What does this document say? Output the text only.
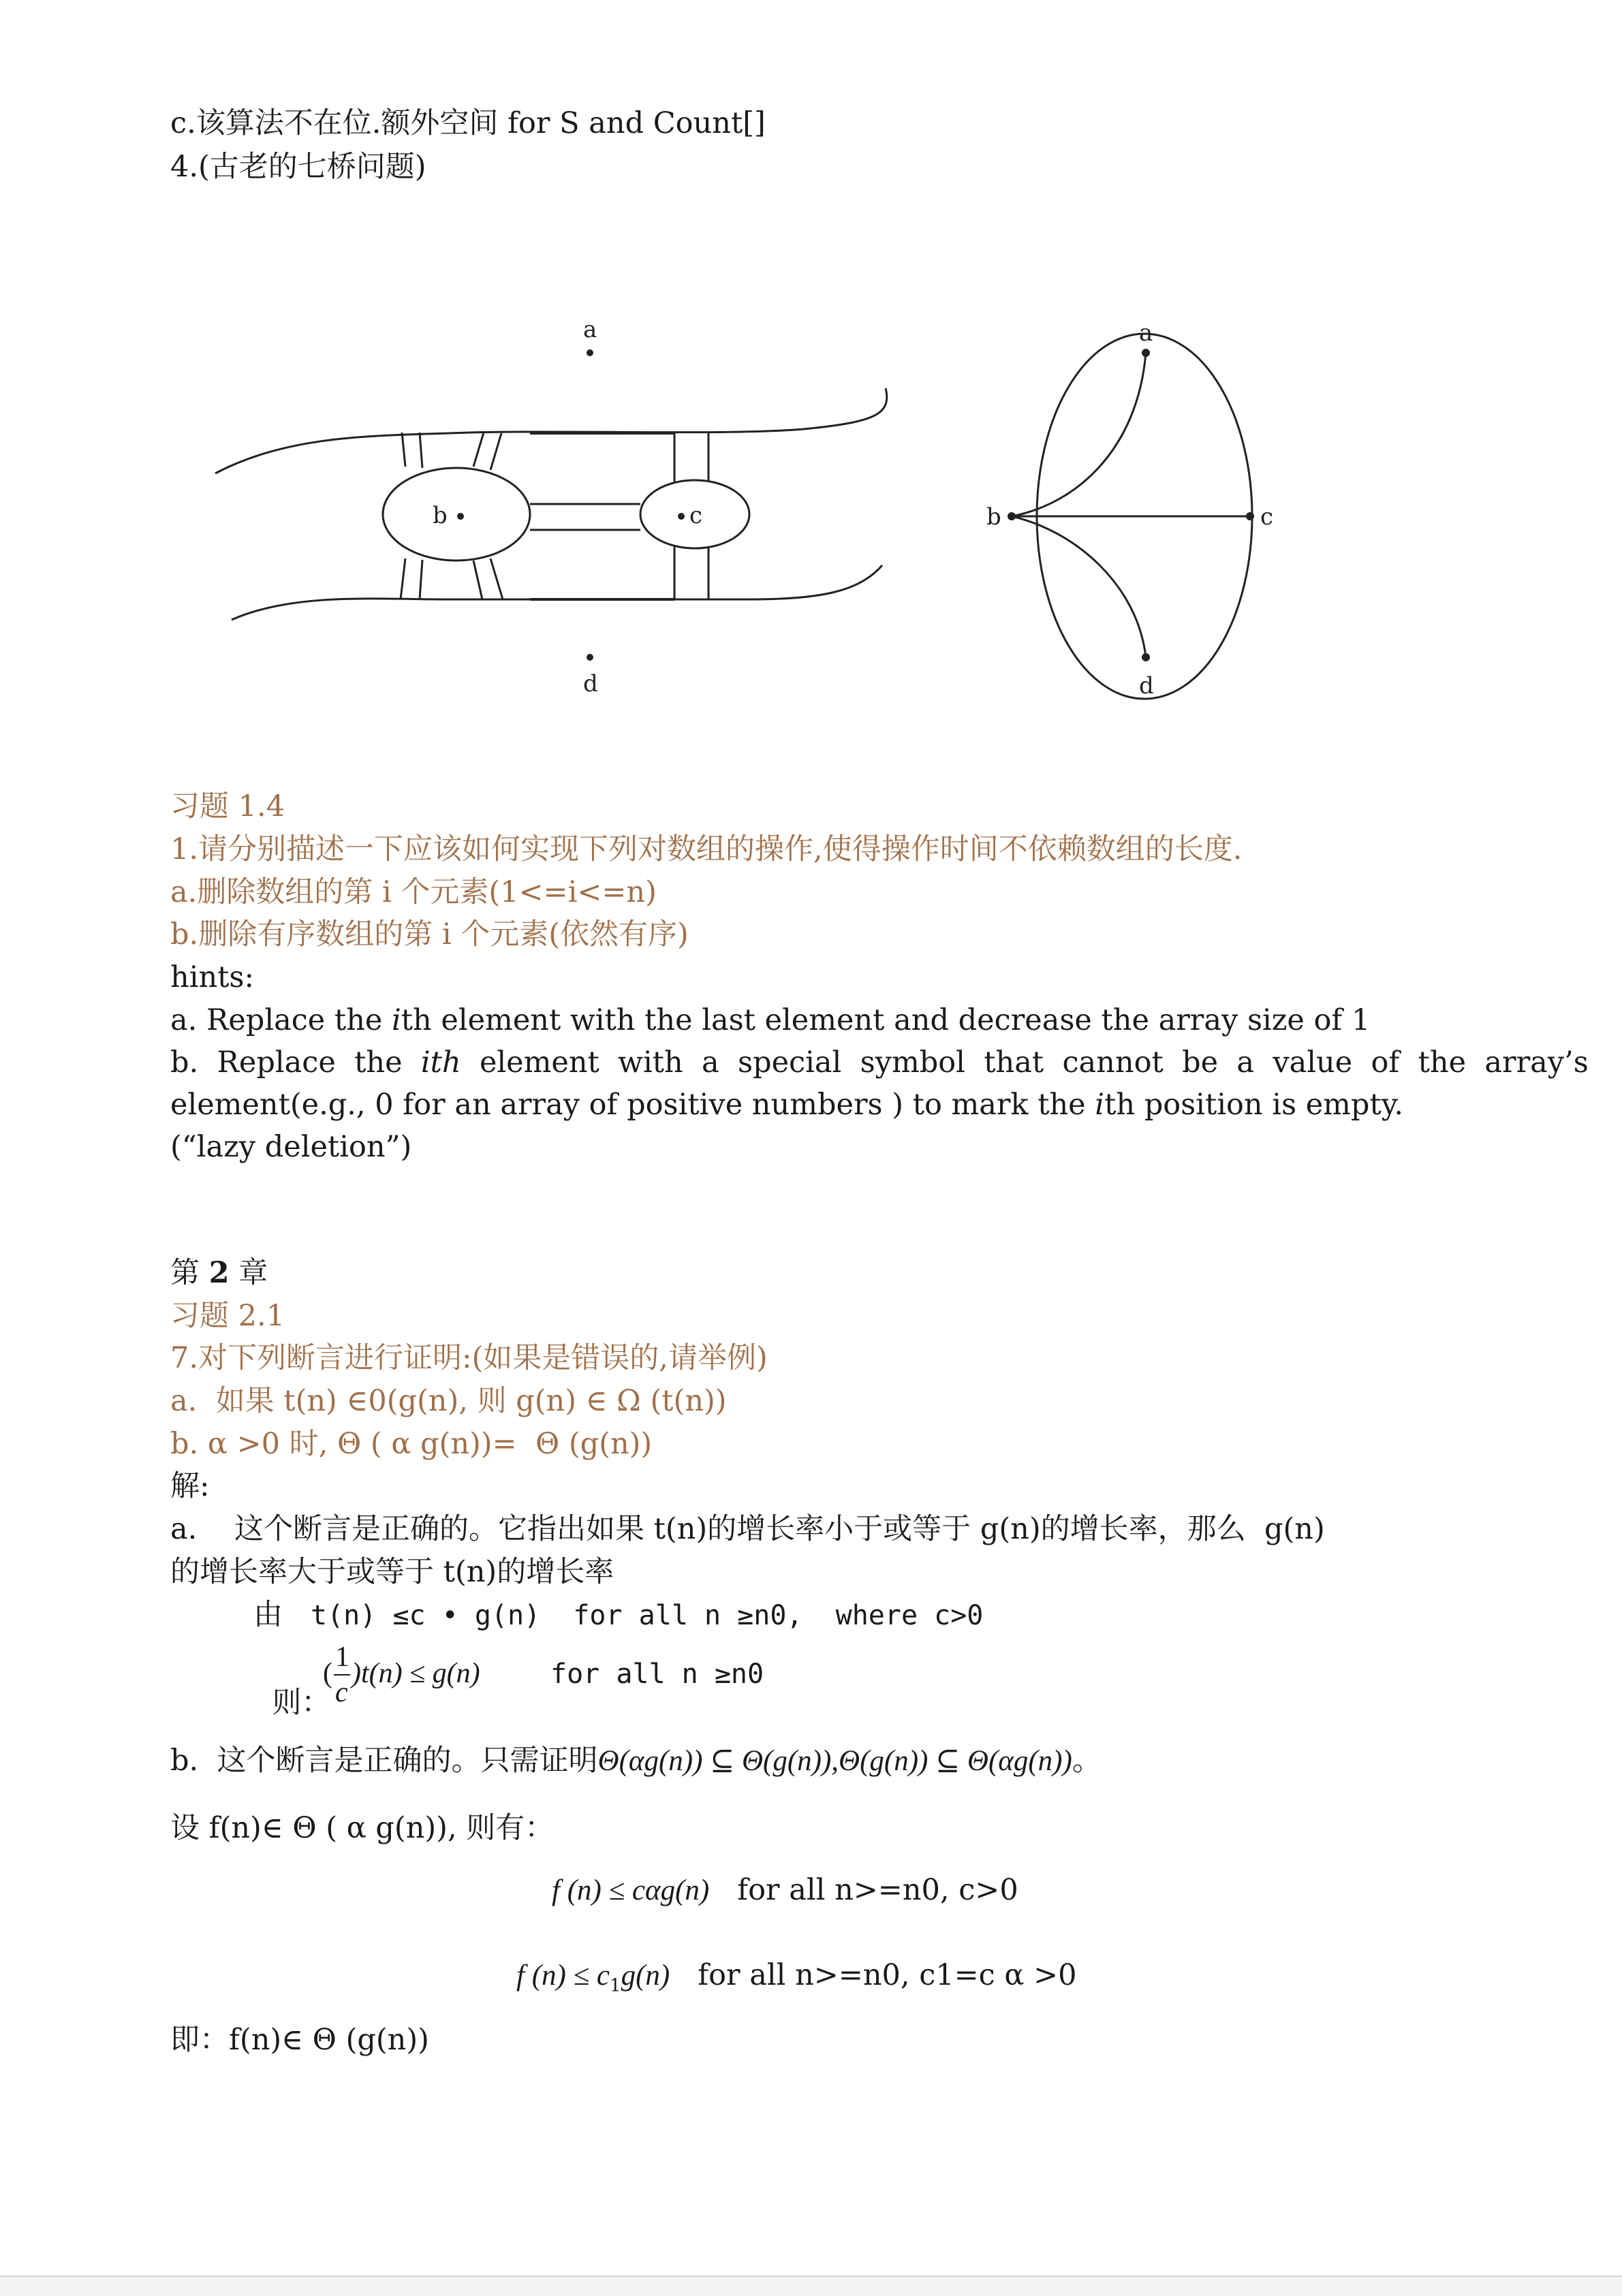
c.该算法不在位.额外空间 for S and Count[]
4.(古老的七桥问题)
a
b	c
d
a
b	c
d
习题 1.4
1.请分别描述一下应该如何实现下列对数组的操作,使得操作时间不依赖数组的长度.
a.删除数组的第 i 个元素(1<=i<=n)
b.删除有序数组的第 i 个元素(依然有序)
hints:
a. Replace the ith element with the last element and decrease the array size of 1
b.  Replace  the  ith  element  with  a  special  symbol  that  cannot  be  a  value  of  the  array’s
element(e.g., 0 for an array of positive numbers ) to mark the ith position is empty.
(“lazy deletion”)
第 2 章
习题 2.1
7.对下列断言进行证明:(如果是错误的,请举例)
a.  如果 t(n) ∈0(g(n), 则 g(n) ∈ Ω (t(n))
b. α >0 时, Θ ( α g(n))=  Θ (g(n))
解:
a.    这个断言是正确的。它指出如果 t(n)的增长率小于或等于 g(n)的增长率，那么  g(n)
的增长率大于或等于 t(n)的增长率
由   t(n) ≤c • g(n)  for all n ≥n0,  where c>0

则：

(
1
c
)t(n) ≤ g(n)	for all n ≥n0
b.  这个断言是正确的。只需证明Θ(αg(n)) ⊆ Θ(g(n)),Θ(g(n)) ⊆ Θ(αg(n))。
设 f(n)∈ Θ ( α g(n)), 则有：
f (n) ≤ cαg(n) for all n>=n0, c>0
f $(n) \le c_1g(n)$ for all n>=n0, c1=c α >0
即：f(n)∈ Θ (g(n))
